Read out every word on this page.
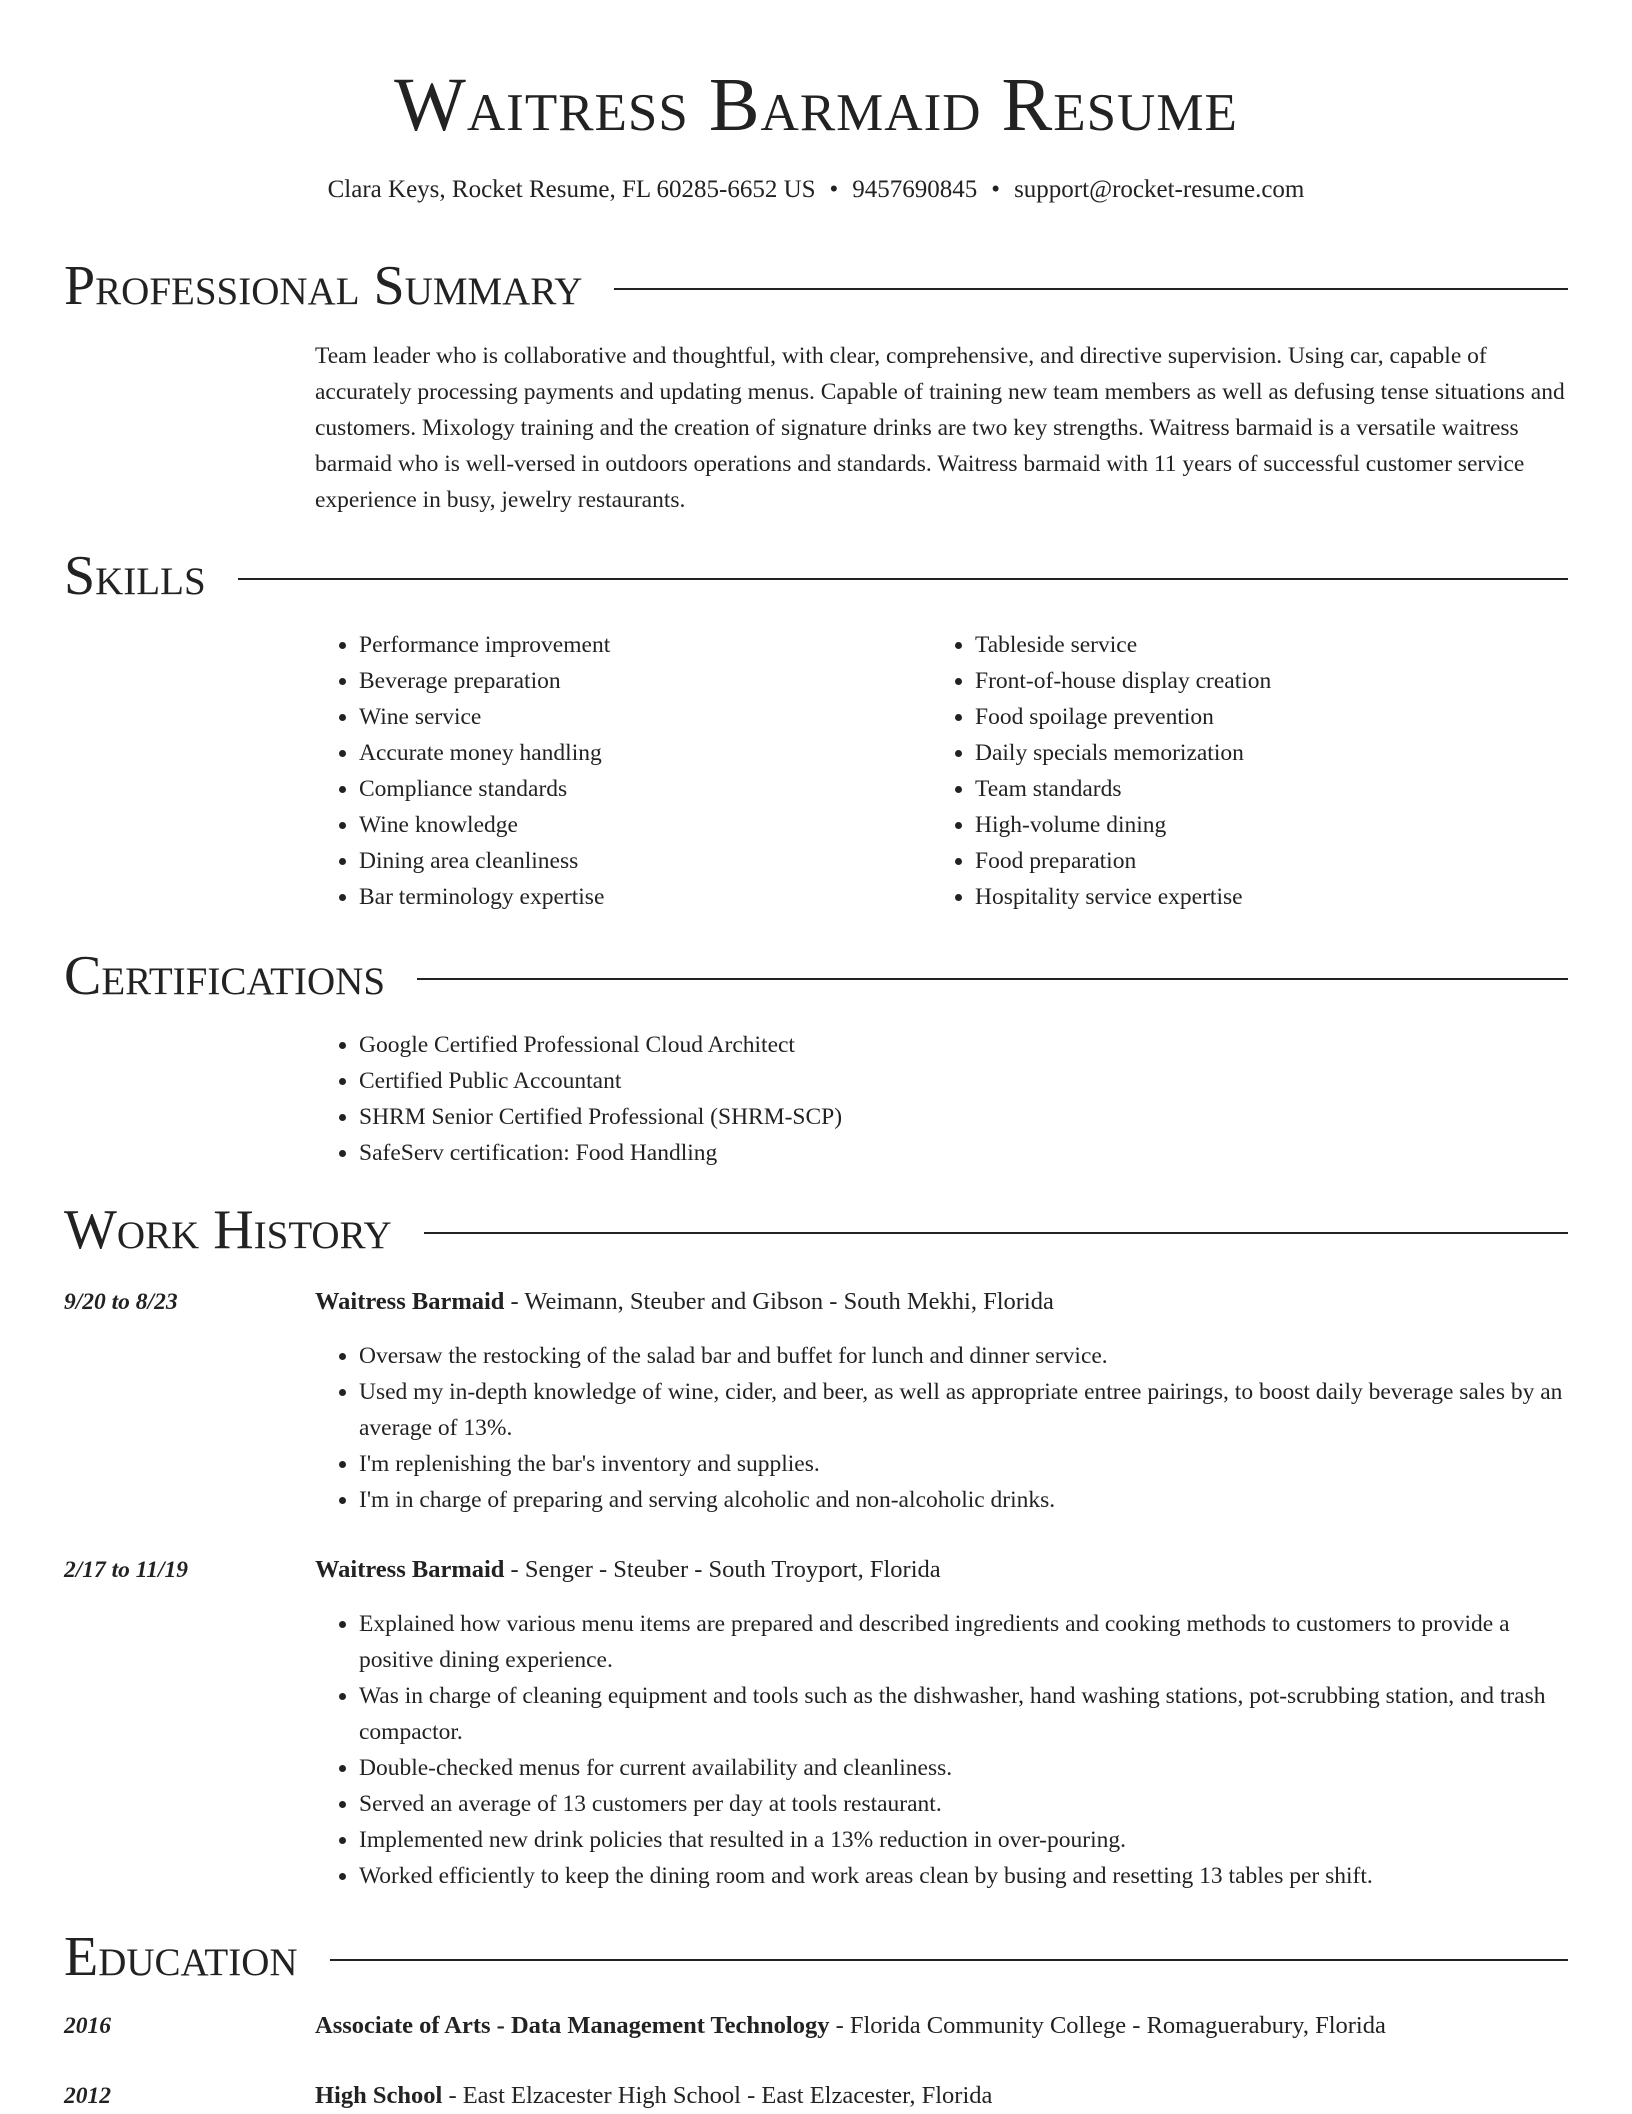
Waitress Barmaid Resume
Clara Keys, Rocket Resume, FL 60285-6652 US • 9457690845 • support@rocket-resume.com
Professional Summary

Team leader who is collaborative and thoughtful, with clear, comprehensive, and directive supervision. Using car, capable of accurately processing payments and updating menus. Capable of training new team members as well as defusing tense situations and customers. Mixology training and the creation of signature drinks are two key strengths. Waitress barmaid is a versatile waitress barmaid who is well-versed in outdoors operations and standards. Waitress barmaid with 11 years of successful customer service experience in busy, jewelry restaurants.

Skills
• Performance improvement
• Beverage preparation
• Wine service
• Accurate money handling
• Compliance standards
• Wine knowledge
• Dining area cleanliness
• Bar terminology expertise
• Tableside service
• Front-of-house display creation
• Food spoilage prevention
• Daily specials memorization
• Team standards
• High-volume dining
• Food preparation
• Hospitality service expertise
Certifications
• Google Certified Professional Cloud Architect
• Certified Public Accountant
• SHRM Senior Certified Professional (SHRM-SCP)
• SafeServ certification: Food Handling
Work History
9/20 to 8/23	Waitress Barmaid - Weimann, Steuber and Gibson - South Mekhi, Florida
• Oversaw the restocking of the salad bar and buffet for lunch and dinner service.
• Used my in-depth knowledge of wine, cider, and beer, as well as appropriate entree pairings, to boost daily beverage sales by an average of 13%.
• I'm replenishing the bar's inventory and supplies.
• I'm in charge of preparing and serving alcoholic and non-alcoholic drinks.
2/17 to 11/19	Waitress Barmaid - Senger - Steuber - South Troyport, Florida
• Explained how various menu items are prepared and described ingredients and cooking methods to customers to provide a positive dining experience.
• Was in charge of cleaning equipment and tools such as the dishwasher, hand washing stations, pot-scrubbing station, and trash compactor.
• Double-checked menus for current availability and cleanliness.
• Served an average of 13 customers per day at tools restaurant.
• Implemented new drink policies that resulted in a 13% reduction in over-pouring.
• Worked efficiently to keep the dining room and work areas clean by busing and resetting 13 tables per shift.
Education
2016	Associate of Arts - Data Management Technology - Florida Community College - Romaguerabury, Florida
2012	High School - East Elzacester High School - East Elzacester, Florida
